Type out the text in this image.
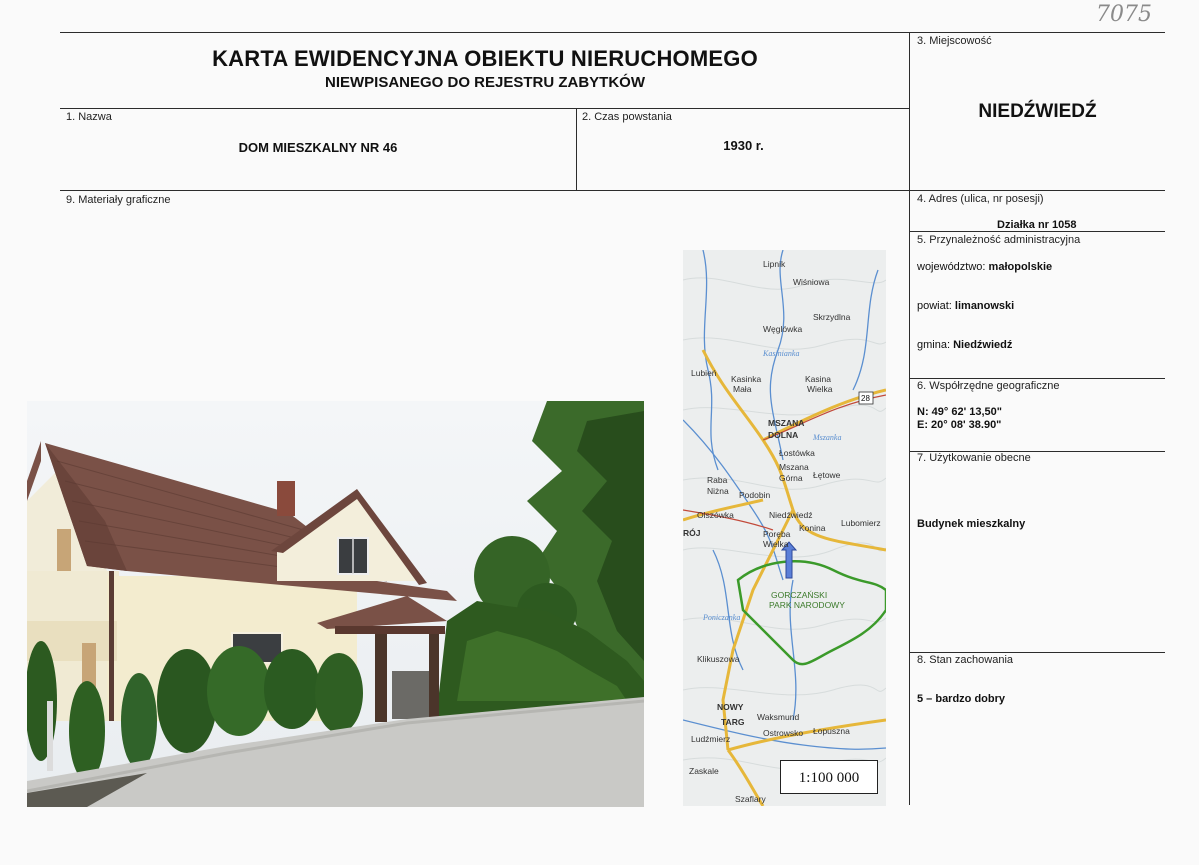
7075
KARTA EWIDENCYJNA OBIEKTU NIERUCHOMEGO
NIEWPISANEGO DO REJESTRU ZABYTKÓW
3. Miejscowość
NIEDŹWIEDŹ
1. Nazwa
DOM MIESZKALNY NR 46
2. Czas powstania
1930 r.
9. Materiały graficzne	4. Adres (ulica, nr posesji)
Działka nr 1058
5. Przynależność administracyjna
województwo: małopolskie
powiat: limanowski
gmina: Niedźwiedź
6. Współrzędne geograficzne
N: 49° 62' 13,50"
E: 20° 08' 38.90"
7. Użytkowanie obecne
Budynek mieszkalny
8. Stan zachowania
5 – bardzo dobry
28
Lipnik
Wiśniowa
Skrzydlna
Węglówka
Lubień
Kasinka
Mała
Kasina
Wielka
MSZANA
DOLNA
Łostówka
Mszana
Górna Łętowe
Raba
Niżna Podobin
Olszówka	Niedźwiedź
Konina Lubomierz
Poręba
Wielka
RÓJ
GORCZAŃSKI
PARK NARODOWY
Klikuszowa
NOWY
TARG Waksmund
Ostrowsko Łopuszna
Ludźmierz
Zaskale
Szaflary
Kasinianka
Mszanka
Poniczanka
1:100 000
